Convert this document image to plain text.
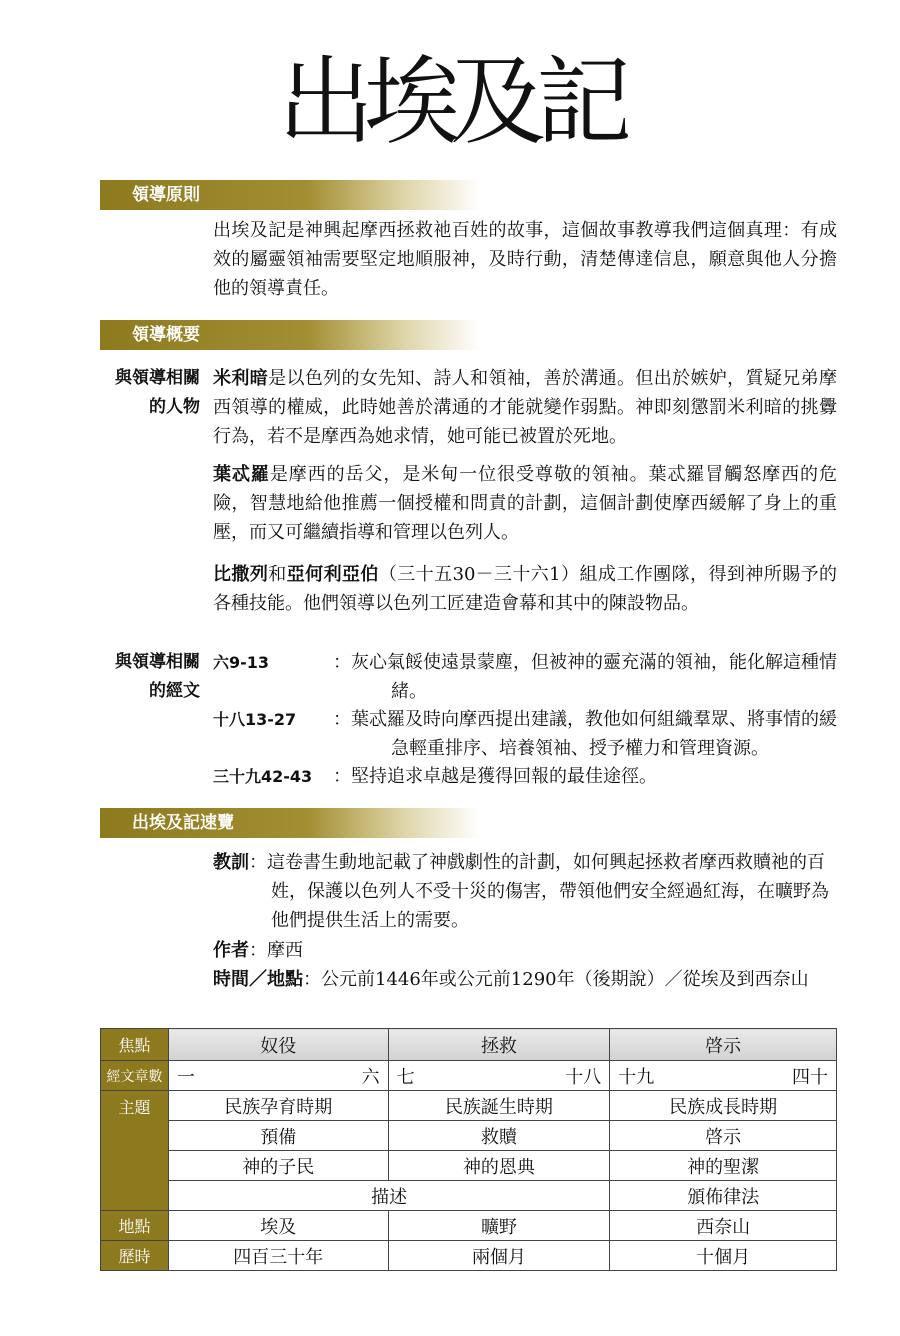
出埃及記
領導原則
出埃及記是神興起摩西拯救祂百姓的故事，這個故事教導我們這個真理：有成效的屬靈領袖需要堅定地順服神，及時行動，清楚傳達信息，願意與他人分擔他的領導責任。
領導概要
與領導相關
的人物
米利暗是以色列的女先知、詩人和領袖，善於溝通。但出於嫉妒，質疑兄弟摩西領導的權威，此時她善於溝通的才能就變作弱點。神即刻懲罰米利暗的挑釁行為，若不是摩西為她求情，她可能已被置於死地。
葉忒羅是摩西的岳父，是米甸一位很受尊敬的領袖。葉忒羅冒觸怒摩西的危險，智慧地給他推薦一個授權和問責的計劃，這個計劃使摩西緩解了身上的重壓，而又可繼續指導和管理以色列人。
比撒列和亞何利亞伯（三十五30－三十六1）組成工作團隊，得到神所賜予的各種技能。他們領導以色列工匠建造會幕和其中的陳設物品。
與領導相關
的經文
六9-13	：灰心氣餒使遠景蒙塵，但被神的靈充滿的領袖，能化解這種情緒。
十八13-27 ：葉忒羅及時向摩西提出建議，教他如何組織羣眾、將事情的緩急輕重排序、培養領袖、授予權力和管理資源。
三十九42-43 ：堅持追求卓越是獲得回報的最佳途徑。
出埃及記速覽
教訓：這卷書生動地記載了神戲劇性的計劃，如何興起拯救者摩西救贖祂的百姓，保護以色列人不受十災的傷害，帶領他們安全經過紅海，在曠野為他們提供生活上的需要。
作者：摩西
時間／地點：公元前1446年或公元前1290年（後期說）／從埃及到西奈山
焦點	奴役	拯救	啓示
經文章數	一 六	七 十八	十九 四十

主題	民族孕育時期	民族誕生時期	民族成長時期
	預備	救贖	啓示
	神的子民	神的恩典	神的聖潔
	描述		頒佈律法
地點	埃及	曠野	西奈山
歷時	四百三十年	兩個月	十個月
